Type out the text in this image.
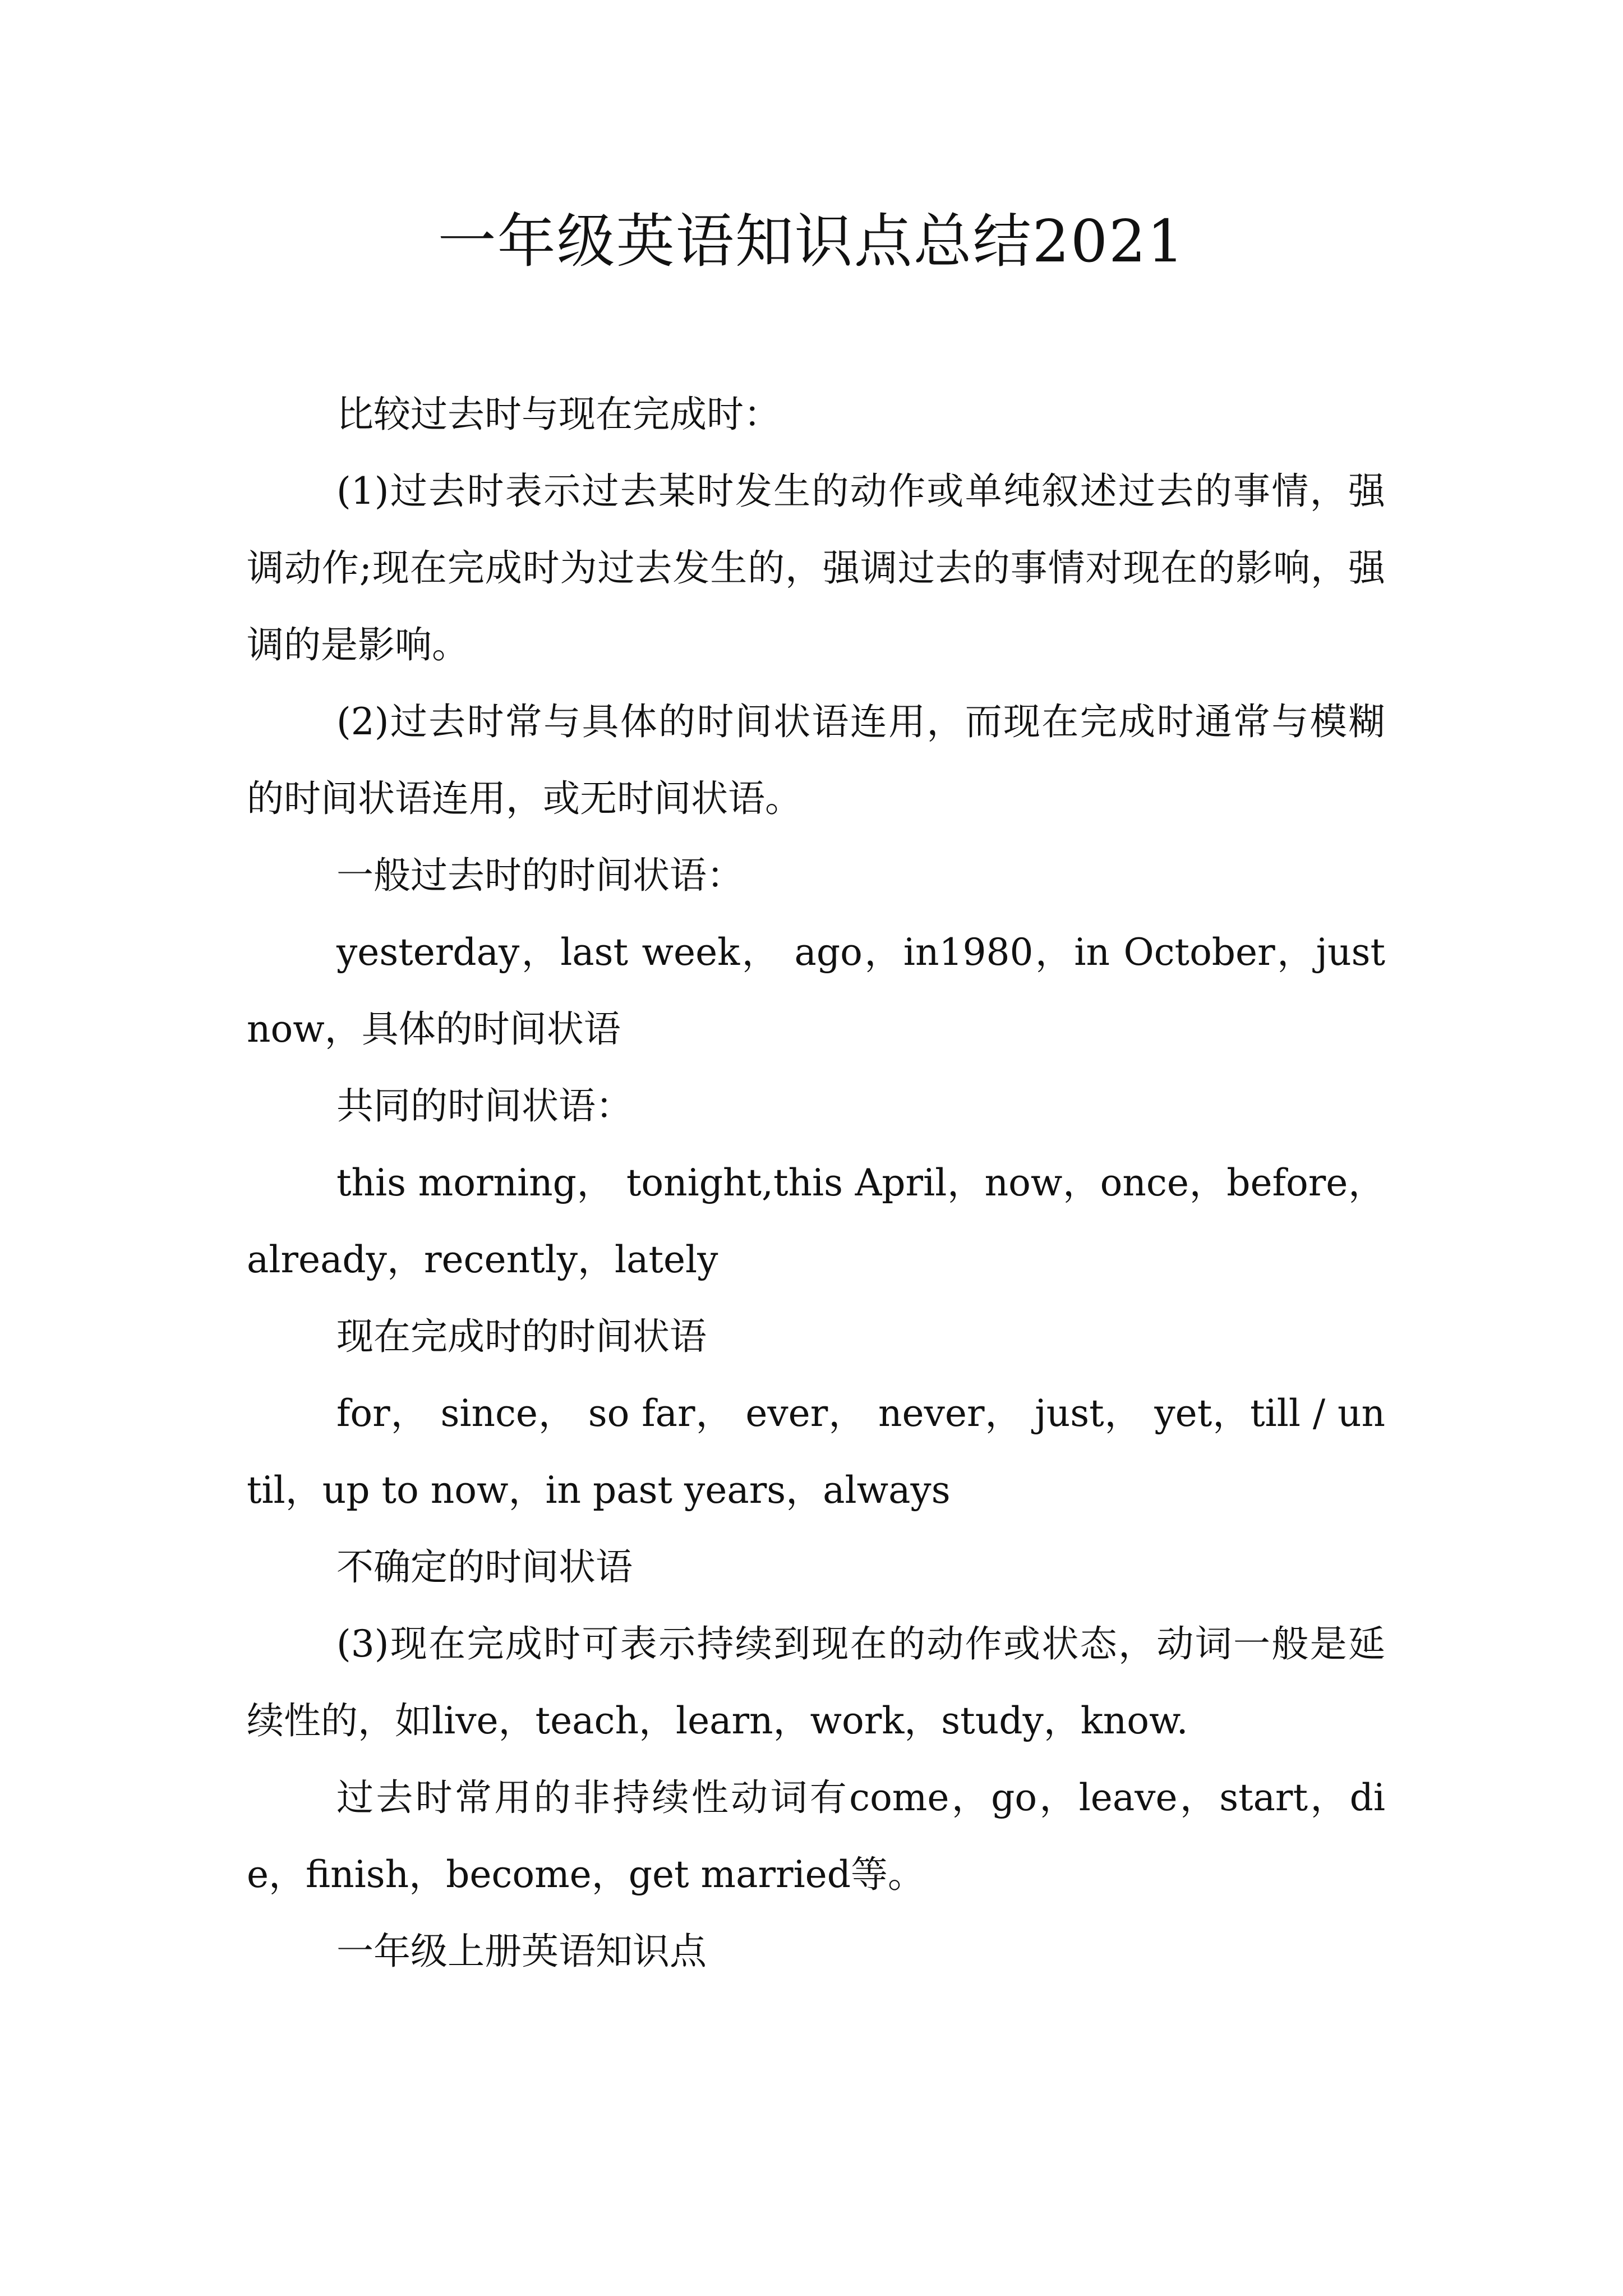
一年级英语知识点总结2021

比较过去时与现在完成时：

(1)过去时表示过去某时发生的动作或单纯叙述过去的事情，强调动作;现在完成时为过去发生的，强调过去的事情对现在的影响，强调的是影响。

(2)过去时常与具体的时间状语连用，而现在完成时通常与模糊的时间状语连用，或无时间状语。

一般过去时的时间状语：

yesterday，last week， ago，in1980，in October，just now，具体的时间状语

共同的时间状语：

this morning， tonight,this April，now，once，before，already，recently，lately

现在完成时的时间状语

for， since， so far， ever， never， just， yet，till / until，up to now，in past years，always

不确定的时间状语

(3)现在完成时可表示持续到现在的动作或状态，动词一般是延续性的，如live，teach，learn，work，study，know.

过去时常用的非持续性动词有come，go，leave，start，die，finish，become，get married等。

一年级上册英语知识点
